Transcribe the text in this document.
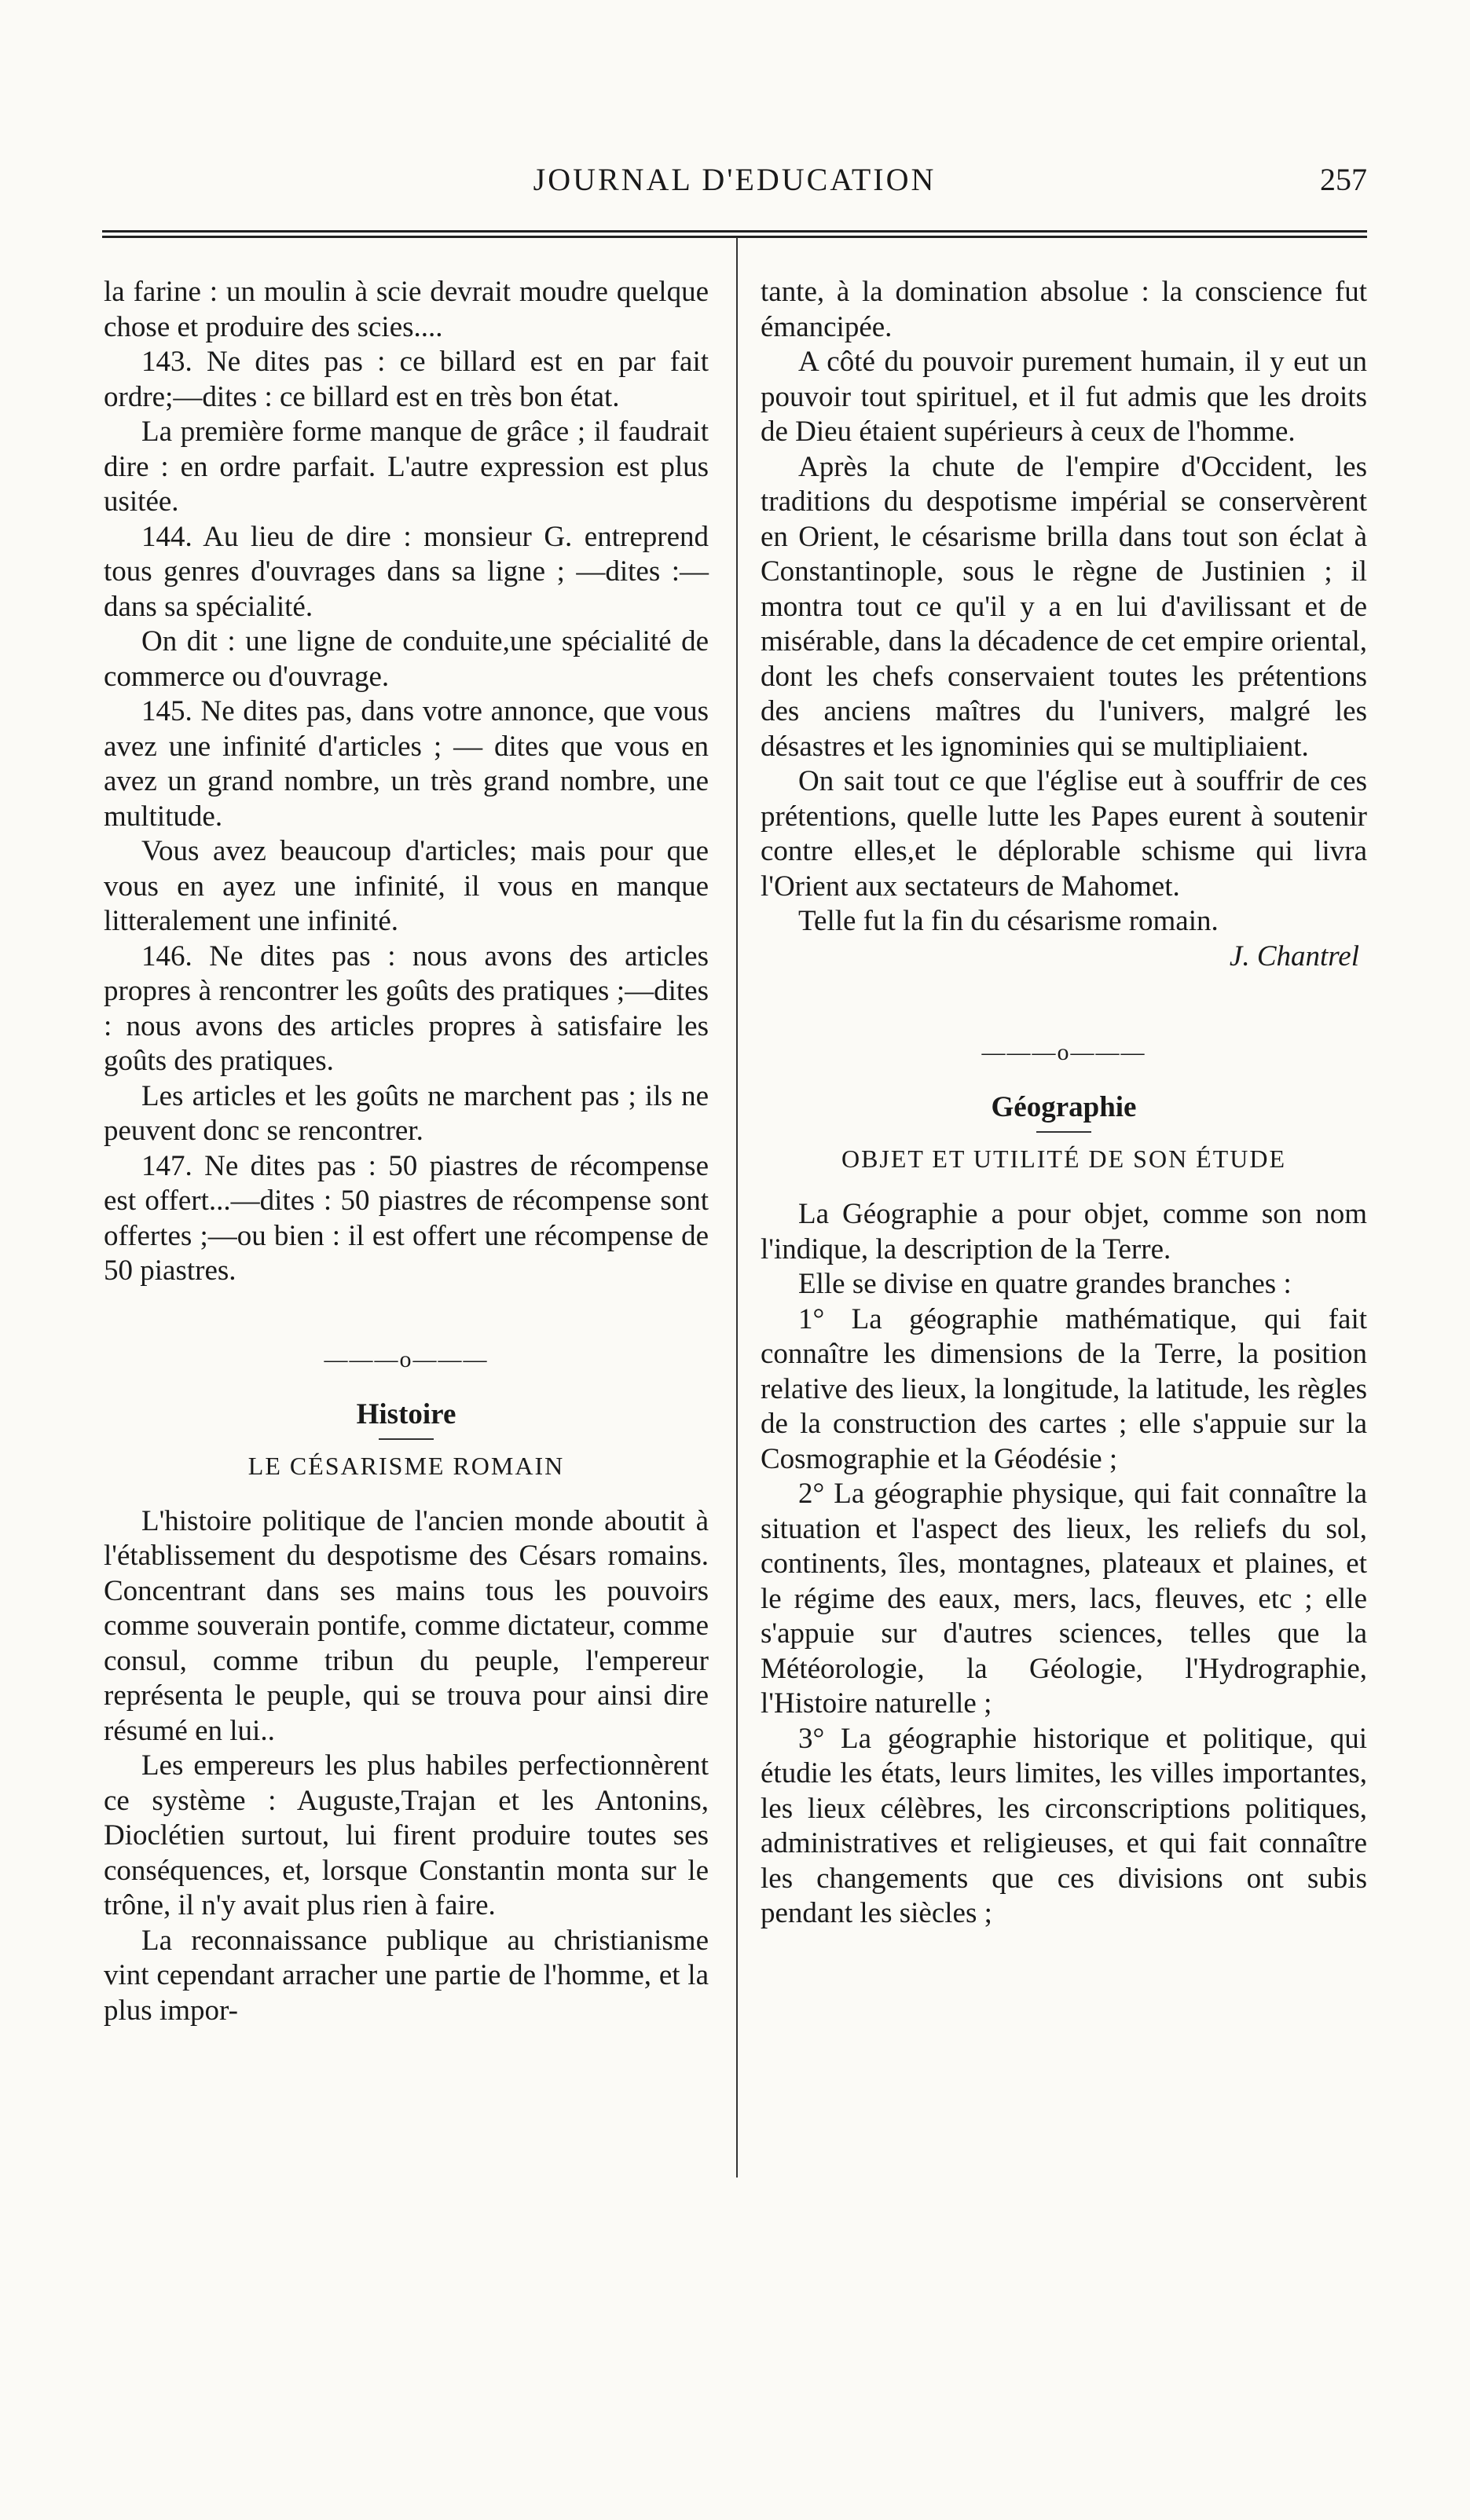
JOURNAL D'EDUCATION	257

la farine : un moulin à scie devrait moudre quelque chose et produire des scies....

143. Ne dites pas : ce billard est en par fait ordre;—dites : ce billard est en très bon état.

La première forme manque de grâce ; il faudrait dire : en ordre parfait. L'autre expression est plus usitée.

144. Au lieu de dire : monsieur G. entreprend tous genres d'ouvrages dans sa ligne ; —dites :—dans sa spécialité.

On dit : une ligne de conduite,une spécialité de commerce ou d'ouvrage.

145. Ne dites pas, dans votre annonce, que vous avez une infinité d'articles ; — dites que vous en avez un grand nombre, un très grand nombre, une multitude.

Vous avez beaucoup d'articles; mais pour que vous en ayez une infinité, il vous en manque litteralement une infinité.

146. Ne dites pas : nous avons des articles propres à rencontrer les goûts des pratiques ;—dites : nous avons des articles propres à satisfaire les goûts des pratiques.

Les articles et les goûts ne marchent pas ; ils ne peuvent donc se rencontrer.

147. Ne dites pas : 50 piastres de récompense est offert...—dites : 50 piastres de récompense sont offertes ;—ou bien : il est offert une récompense de 50 piastres.

———o———
Histoire
LE CÉSARISME ROMAIN

L'histoire politique de l'ancien monde aboutit à l'établissement du despotisme des Césars romains. Concentrant dans ses mains tous les pouvoirs comme souverain pontife, comme dictateur, comme consul, comme tribun du peuple, l'empereur représenta le peuple, qui se trouva pour ainsi dire résumé en lui..

Les empereurs les plus habiles perfectionnèrent ce système : Auguste,Trajan et les Antonins, Dioclétien surtout, lui firent produire toutes ses conséquences, et, lorsque Constantin monta sur le trône, il n'y avait plus rien à faire.

La reconnaissance publique au christianisme vint cependant arracher une partie de l'homme, et la plus impor-

tante, à la domination absolue : la conscience fut émancipée.

A côté du pouvoir purement humain, il y eut un pouvoir tout spirituel, et il fut admis que les droits de Dieu étaient supérieurs à ceux de l'homme.

Après la chute de l'empire d'Occident, les traditions du despotisme impérial se conservèrent en Orient, le césarisme brilla dans tout son éclat à Constantinople, sous le règne de Justinien ; il montra tout ce qu'il y a en lui d'avilissant et de misérable, dans la décadence de cet empire oriental, dont les chefs conservaient toutes les prétentions des anciens maîtres du l'univers, malgré les désastres et les ignominies qui se multipliaient.

On sait tout ce que l'église eut à souffrir de ces prétentions, quelle lutte les Papes eurent à soutenir contre elles,et le déplorable schisme qui livra l'Orient aux sectateurs de Mahomet.

Telle fut la fin du césarisme romain.

J. Chantrel
———o———
Géographie
OBJET ET UTILITÉ DE SON ÉTUDE

La Géographie a pour objet, comme son nom l'indique, la description de la Terre.

Elle se divise en quatre grandes branches :

1° La géographie mathématique, qui fait connaître les dimensions de la Terre, la position relative des lieux, la longitude, la latitude, les règles de la construction des cartes ; elle s'appuie sur la Cosmographie et la Géodésie ;

2° La géographie physique, qui fait connaître la situation et l'aspect des lieux, les reliefs du sol, continents, îles, montagnes, plateaux et plaines, et le régime des eaux, mers, lacs, fleuves, etc ; elle s'appuie sur d'autres sciences, telles que la Météorologie, la Géologie, l'Hydrographie, l'Histoire naturelle ;

3° La géographie historique et politique, qui étudie les états, leurs limites, les villes importantes, les lieux célèbres, les circonscriptions politiques, administratives et religieuses, et qui fait connaître les changements que ces divisions ont subis pendant les siècles ;
